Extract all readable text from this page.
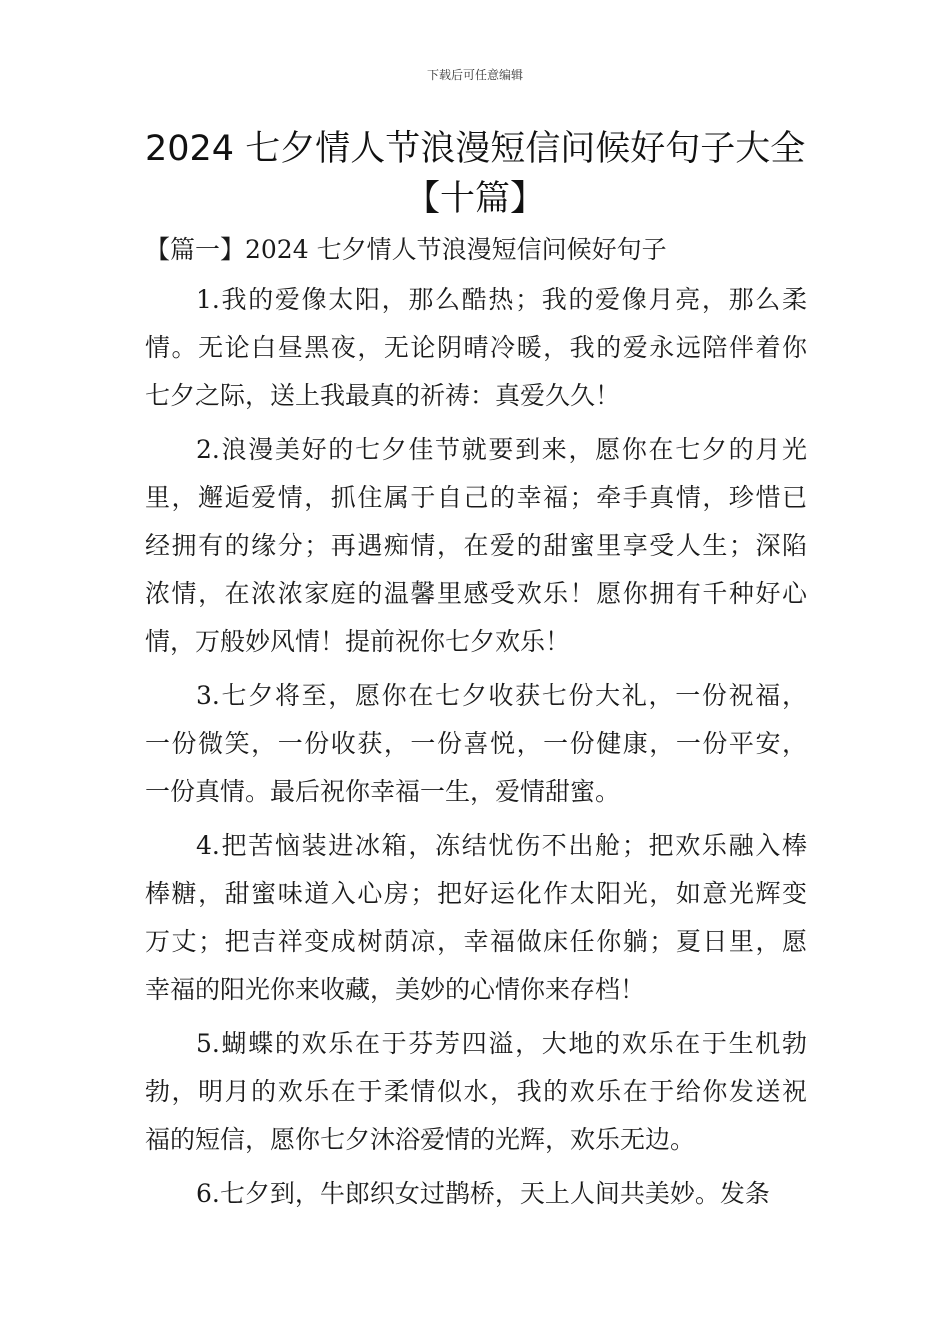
下载后可任意编辑
2024 七夕情人节浪漫短信问候好句子大全
【十篇】
【篇一】2024 七夕情人节浪漫短信问候好句子
1.我的爱像太阳，那么酷热；我的爱像月亮，那么柔
情。无论白昼黑夜，无论阴晴冷暖，我的爱永远陪伴着你
七夕之际，送上我最真的祈祷：真爱久久！
2.浪漫美好的七夕佳节就要到来，愿你在七夕的月光
里，邂逅爱情，抓住属于自己的幸福；牵手真情，珍惜已
经拥有的缘分；再遇痴情，在爱的甜蜜里享受人生；深陷
浓情，在浓浓家庭的温馨里感受欢乐！愿你拥有千种好心
情，万般妙风情！提前祝你七夕欢乐！
3.七夕将至，愿你在七夕收获七份大礼，一份祝福，
一份微笑，一份收获，一份喜悦，一份健康，一份平安，
一份真情。最后祝你幸福一生，爱情甜蜜。
4.把苦恼装进冰箱，冻结忧伤不出舱；把欢乐融入棒
棒糖，甜蜜味道入心房；把好运化作太阳光，如意光辉变
万丈；把吉祥变成树荫凉，幸福做床任你躺；夏日里，愿
幸福的阳光你来收藏，美妙的心情你来存档！
5.蝴蝶的欢乐在于芬芳四溢，大地的欢乐在于生机勃
勃，明月的欢乐在于柔情似水，我的欢乐在于给你发送祝
福的短信，愿你七夕沐浴爱情的光辉，欢乐无边。
6.七夕到，牛郎织女过鹊桥，天上人间共美妙。发条
